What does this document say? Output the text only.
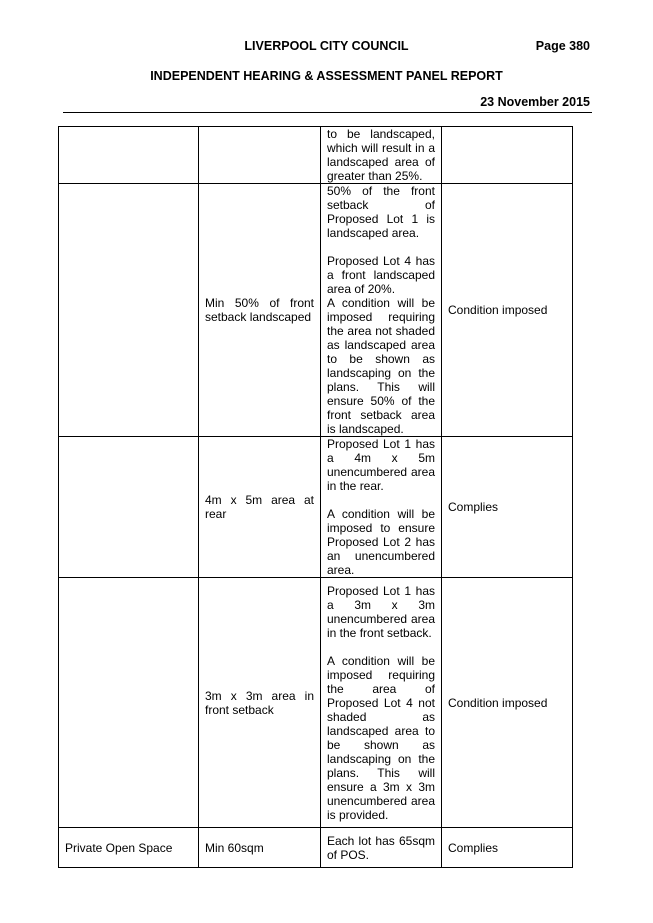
LIVERPOOL CITY COUNCIL	Page 380
INDEPENDENT HEARING & ASSESSMENT PANEL REPORT
23 November 2015

		to be landscaped, which will result in a landscaped area of greater than 25%.	

	Min 50% of front setback landscaped	50% of the front setback of Proposed Lot 1 is landscaped area.
Proposed Lot 4 has a front landscaped area of 20%.
A condition will be imposed requiring the area not shaded as landscaped area to be shown as landscaping on the plans. This will ensure 50% of the front setback area is landscaped.	Condition imposed
	4m x 5m area at rear	Proposed Lot 1 has a 4m x 5m unencumbered area in the rear.
A condition will be imposed to ensure Proposed Lot 2 has an unencumbered area.	Complies
	3m x 3m area in front setback	Proposed Lot 1 has a 3m x 3m unencumbered area in the front setback.
A condition will be imposed requiring the area of Proposed Lot 4 not shaded as landscaped area to be shown as landscaping on the plans. This will ensure a 3m x 3m unencumbered area is provided.	Condition imposed
Private Open Space	Min 60sqm	Each lot has 65sqm of POS.	Complies
